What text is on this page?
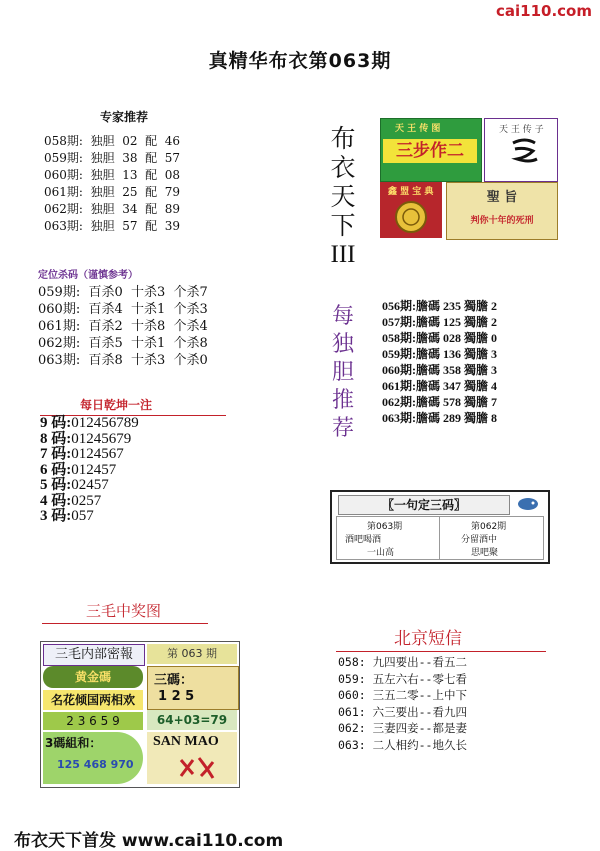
cai110.com
真精华布衣第063期
专家推荐
058期:  独胆  02  配  46
059期:  独胆  38  配  57
060期:  独胆  13  配  08
061期:  独胆  25  配  79
062期:  独胆  34  配  89
063期:  独胆  57  配  39
定位杀码（谨慎参考）
059期:  百杀0  十杀3  个杀7
060期:  百杀4  十杀1  个杀3
061期:  百杀2  十杀8  个杀4
062期:  百杀5  十杀1  个杀8
063期:  百杀8  十杀3  个杀0
每日乾坤一注
9 码:012456789
8 码:01245679
7 码:0124567
6 码:012457
5 码:02457
4 码:0257
3 码:057
布
衣
天
下
III
天 王 传 图
三步作二
天 王 传 子
鑫 盟 宝 典	聖 旨
判你十年的死刑
每
独
胆
推
荐
056期:膽碼 235 獨膽 2
057期:膽碼 125 獨膽 2
058期:膽碼 028 獨膽 0
059期:膽碼 136 獨膽 3
060期:膽碼 358 獨膽 3
061期:膽碼 347 獨膽 4
062期:膽碼 578 獨膽 7
063期:膽碼 289 獨膽 8
〖一句定三码〗
第063期	第062期
酒吧喝酒
一山高
分留酒中
思吧聚
三毛中奖图
三毛内部密報	第 063 期
黄金碼	三碼：
1 2 5
名花倾国两相欢
2 3 6 5 9	64+03=79
3碼組和：
125 468 970
SAN MAO
北京短信
058: 九四要出--看五二
059: 五左六右--零七看
060: 三五二零--上中下
061: 六三要出--看九四
062: 三妻四妾--都是妻
063: 二人相约--地久长
布衣天下首发 www.cai110.com
